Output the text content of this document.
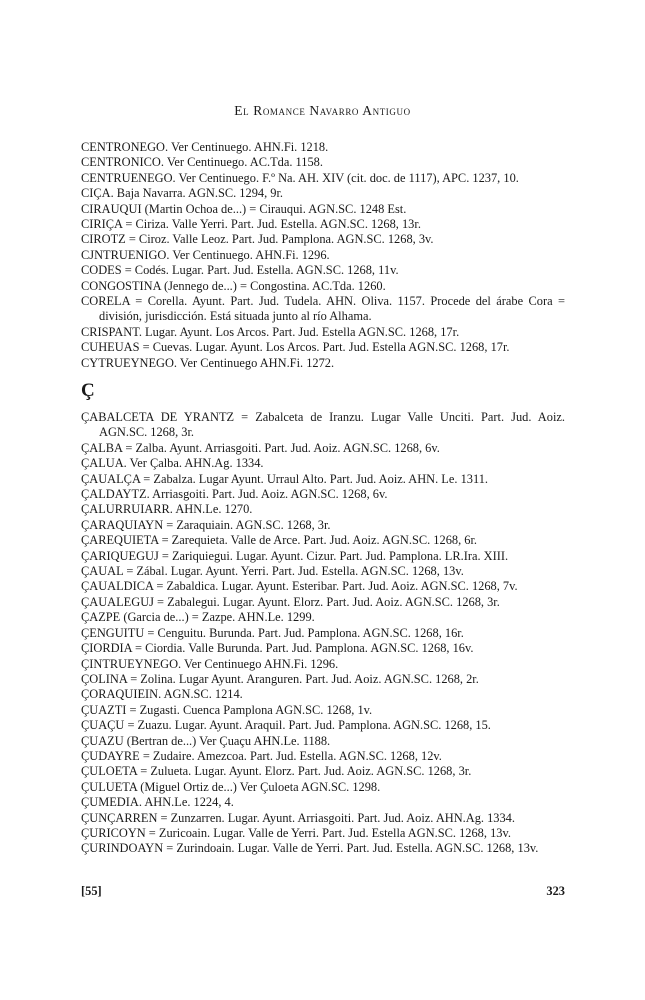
El Romance Navarro Antiguo
CENTRONEGO. Ver Centinuego. AHN.Fi. 1218.
CENTRONICO. Ver Centinuego. AC.Tda. 1158.
CENTRUENEGO. Ver Centinuego. F.º Na. AH. XIV (cit. doc. de 1117), APC. 1237, 10.
CIÇA. Baja Navarra. AGN.SC. 1294, 9r.
CIRAUQUI (Martin Ochoa de...) = Cirauqui. AGN.SC. 1248 Est.
CIRIÇA = Ciriza. Valle Yerri. Part. Jud. Estella. AGN.SC. 1268, 13r.
CIROTZ = Ciroz. Valle Leoz. Part. Jud. Pamplona. AGN.SC. 1268, 3v.
CJNTRUENIGO. Ver Centinuego. AHN.Fi. 1296.
CODES = Codés. Lugar. Part. Jud. Estella. AGN.SC. 1268, 11v.
CONGOSTINA (Jennego de...) = Congostina. AC.Tda. 1260.
CORELA = Corella. Ayunt. Part. Jud. Tudela. AHN. Oliva. 1157. Procede del árabe Cora = división, jurisdicción. Está situada junto al río Alhama.
CRISPANT. Lugar. Ayunt. Los Arcos. Part. Jud. Estella AGN.SC. 1268, 17r.
CUHEUAS = Cuevas. Lugar. Ayunt. Los Arcos. Part. Jud. Estella AGN.SC. 1268, 17r.
CYTRUEYNEGO. Ver Centinuego AHN.Fi. 1272.
Ç
ÇABALCETA DE YRANTZ = Zabalceta de Iranzu. Lugar Valle Unciti. Part. Jud. Aoiz. AGN.SC. 1268, 3r.
ÇALBA = Zalba. Ayunt. Arriasgoiti. Part. Jud. Aoiz. AGN.SC. 1268, 6v.
ÇALUA. Ver Çalba. AHN.Ag. 1334.
ÇAUALÇA = Zabalza. Lugar Ayunt. Urraul Alto. Part. Jud. Aoiz. AHN. Le. 1311.
ÇALDAYTZ. Arriasgoiti. Part. Jud. Aoiz. AGN.SC. 1268, 6v.
ÇALURRUIARR. AHN.Le. 1270.
ÇARAQUIAYN = Zaraquiain. AGN.SC. 1268, 3r.
ÇAREQUIETA = Zarequieta. Valle de Arce. Part. Jud. Aoiz. AGN.SC. 1268, 6r.
ÇARIQUEGUJ = Zariquiegui. Lugar. Ayunt. Cizur. Part. Jud. Pamplona. LR.Ira. XIII.
ÇAUAL = Zábal. Lugar. Ayunt. Yerri. Part. Jud. Estella. AGN.SC. 1268, 13v.
ÇAUALDICA = Zabaldica. Lugar. Ayunt. Esteribar. Part. Jud. Aoiz. AGN.SC. 1268, 7v.
ÇAUALEGUJ = Zabalegui. Lugar. Ayunt. Elorz. Part. Jud. Aoiz. AGN.SC. 1268, 3r.
ÇAZPE (Garcia de...) = Zazpe. AHN.Le. 1299.
ÇENGUITU = Cenguitu. Burunda. Part. Jud. Pamplona. AGN.SC. 1268, 16r.
ÇIORDIA = Ciordia. Valle Burunda. Part. Jud. Pamplona. AGN.SC. 1268, 16v.
ÇINTRUEYNEGO. Ver Centinuego AHN.Fi. 1296.
ÇOLINA = Zolina. Lugar Ayunt. Aranguren. Part. Jud. Aoiz. AGN.SC. 1268, 2r.
ÇORAQUIEIN. AGN.SC. 1214.
ÇUAZTI = Zugasti. Cuenca Pamplona AGN.SC. 1268, 1v.
ÇUAÇU = Zuazu. Lugar. Ayunt. Araquil. Part. Jud. Pamplona. AGN.SC. 1268, 15.
ÇUAZU (Bertran de...) Ver Çuaçu AHN.Le. 1188.
ÇUDAYRE = Zudaire. Amezcoa. Part. Jud. Estella. AGN.SC. 1268, 12v.
ÇULOETA = Zulueta. Lugar. Ayunt. Elorz. Part. Jud. Aoiz. AGN.SC. 1268, 3r.
ÇULUETA (Miguel Ortiz de...) Ver Çuloeta AGN.SC. 1298.
ÇUMEDIA. AHN.Le. 1224, 4.
ÇUNÇARREN = Zunzarren. Lugar. Ayunt. Arriasgoiti. Part. Jud. Aoiz. AHN.Ag. 1334.
ÇURICOYN = Zuricoain. Lugar. Valle de Yerri. Part. Jud. Estella AGN.SC. 1268, 13v.
ÇURINDOAYN = Zurindoain. Lugar. Valle de Yerri. Part. Jud. Estella. AGN.SC. 1268, 13v.
[55]	323
